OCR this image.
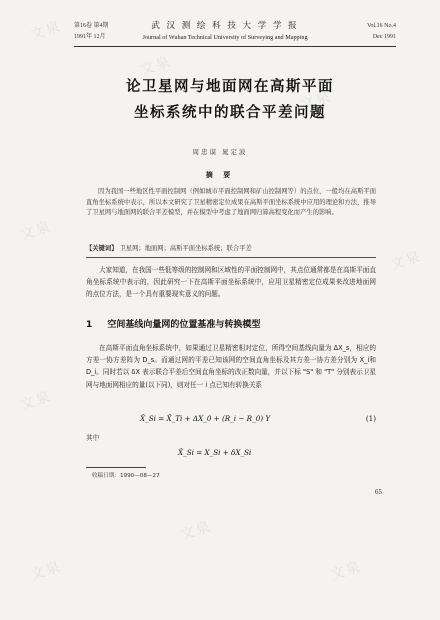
文泉
文泉
文泉
文泉
文泉
文泉
文泉
文泉
文泉
第16卷 第4期
1991年 12月
武 汉 测 绘 科 技 大 学 学 报
Journal of Wuhan Technical University of Surveying and Mapping
Vol.16 No.4
Dec 1991
论卫星网与地面网在高斯平面
坐标系统中的联合平差问题
周忠谟 晁定波
摘 要
因为我国一些地区性平面控制网（例如城市平面控制网和矿山控制网等）的点位，一般均在高斯平面直角坐标系统中表示，所以本文研究了卫星精密定位成果在高斯平面坐标系统中应用的理论和方法，推导了卫星网与地面网的联合平差模型，并在模型中考虑了地面网归算高程变化而产生的影响。
【关键词】 卫星网；地面网；高斯平面坐标系统；联合平差
大家知道，在我国一些低等级的控制网和区域性的平面控制网中，其点位通常都是在高斯平面直角坐标系统中表示的，因此研究一下在高斯平面坐标系统中，应用卫星精密定位成果来改进地面网的点位方法，是一个具有重要现实意义的问题。
1 空间基线向量网的位置基准与转换模型
在高斯平面直角坐标系统中，如果通过卫星精密相对定位，所得空间基线向量为 ΔX_s，相应的方差一协方差阵为 D_s。而通过网的平差已知该网的空间直角坐标及其方差一协方差分别为 X_i和 D_i。同时若以 δX 表示联合平差后空间直角坐标的改正数向量，并以下标 "S" 和 "T" 分别表示卫星网与地面网相应的量(以下同)，则对任一 i 点已知有转换关系
X̂_Si = X̂_Ti + ΔX_0 + (R_i − R_0) Y	(1)
其中
X̂_Si = X_Si + δX_Si
收稿日期：1990—08—27
65
